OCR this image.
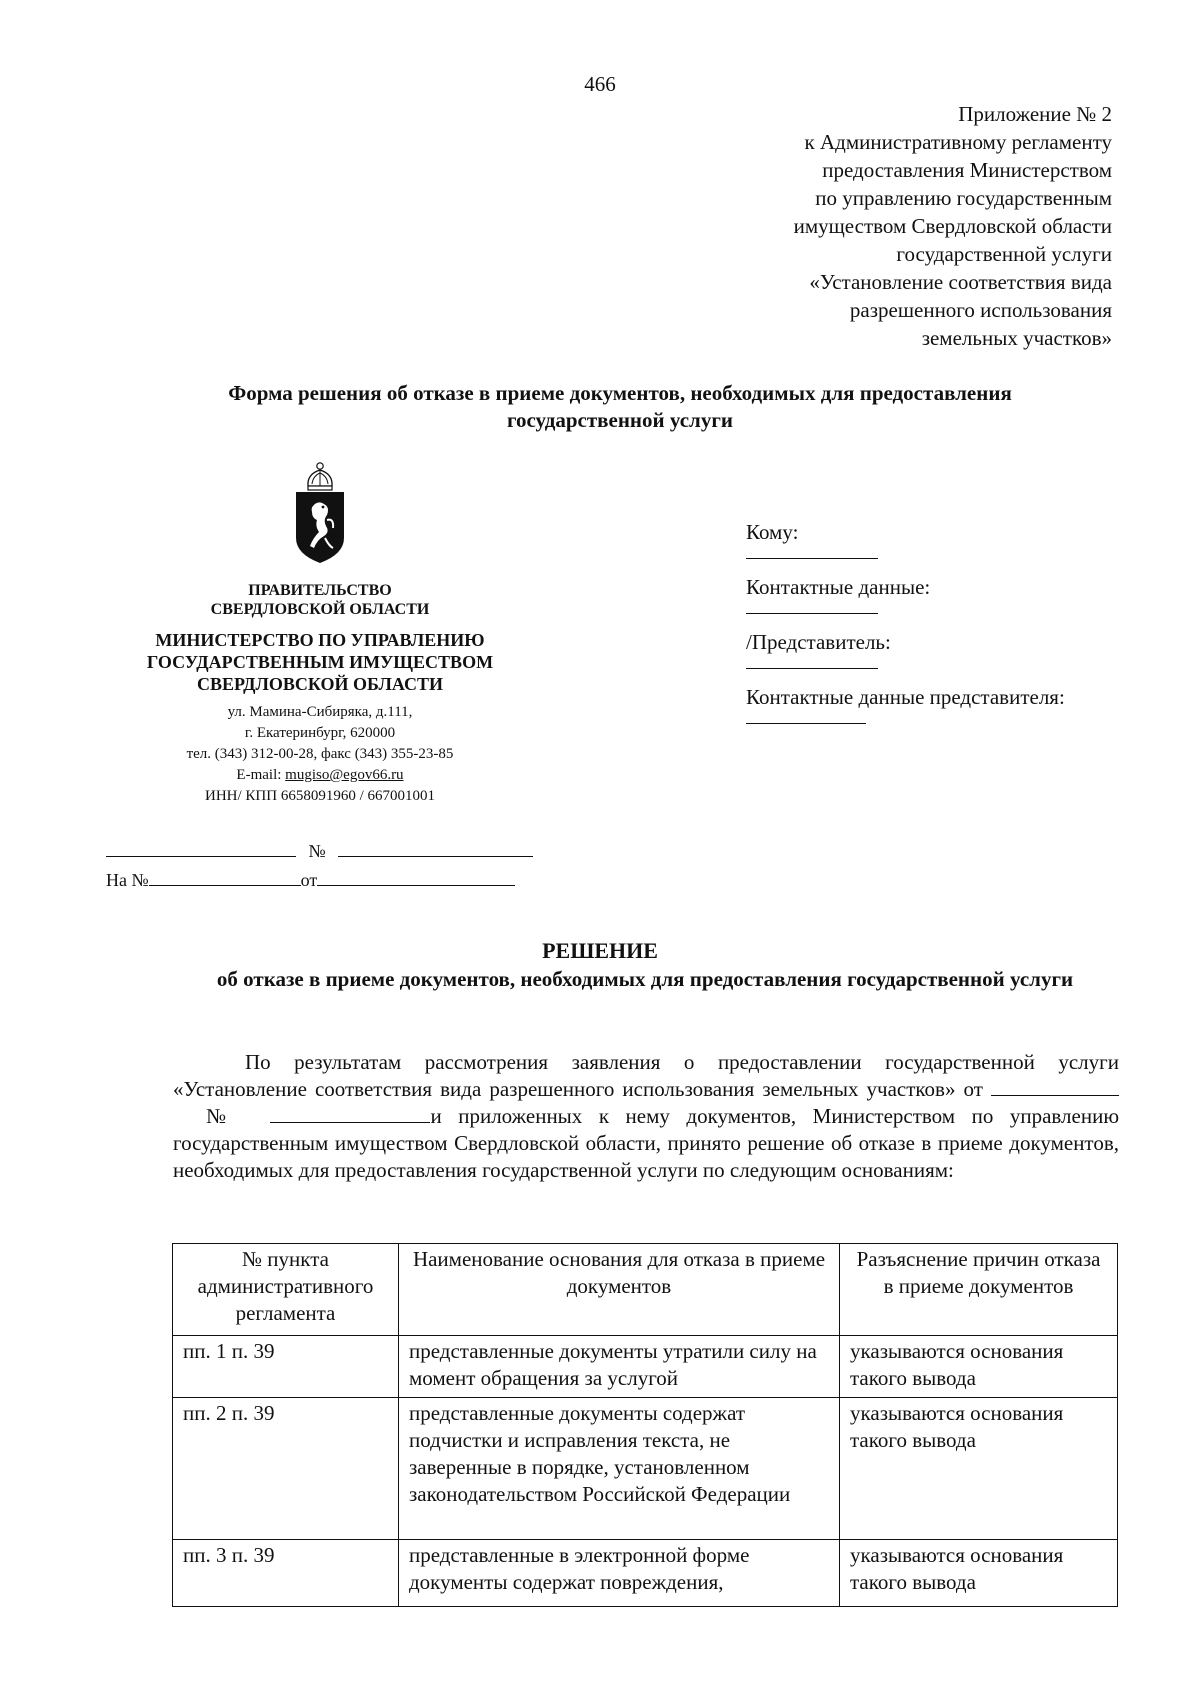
466
Приложение № 2
к Административному регламенту
предоставления Министерством
по управлению государственным
имуществом Свердловской области
государственной услуги
«Установление соответствия вида
разрешенного использования
земельных участков»
Форма решения об отказе в приеме документов, необходимых для предоставления государственной услуги
ПРАВИТЕЛЬСТВО
СВЕРДЛОВСКОЙ ОБЛАСТИ
МИНИСТЕРСТВО ПО УПРАВЛЕНИЮ
ГОСУДАРСТВЕННЫМ ИМУЩЕСТВОМ
СВЕРДЛОВСКОЙ ОБЛАСТИ
ул. Мамина-Сибиряка, д.111,
г. Екатеринбург, 620000
тел. (343) 312-00-28, факс (343) 355-23-85
E-mail: mugiso@egov66.ru
ИНН/ КПП 6658091960 / 667001001
№
На №	от
Кому:
Контактные данные:
/Представитель:
Контактные данные представителя:
РЕШЕНИЕ
об отказе в приеме документов, необходимых для предоставления государственной услуги

По результатам рассмотрения заявления о предоставлении государственной услуги «Установление соответствия вида разрешенного использования земельных участков» от   №	и приложенных к нему документов, Министерством по управлению государственным имуществом Свердловской области, принято решение об отказе в приеме документов, необходимых для предоставления государственной услуги по следующим основаниям:

№ пункта административного регламента	Наименование основания для отказа в приеме документов	Разъяснение причин отказа в приеме документов
пп. 1 п. 39	представленные документы утратили силу на момент обращения за услугой	указываются основания такого вывода
пп. 2 п. 39	представленные документы содержат подчистки и исправления текста, не заверенные в порядке, установленном законодательством Российской Федерации	указываются основания такого вывода
пп. 3 п. 39	представленные в электронной форме документы содержат повреждения,	указываются основания такого вывода
